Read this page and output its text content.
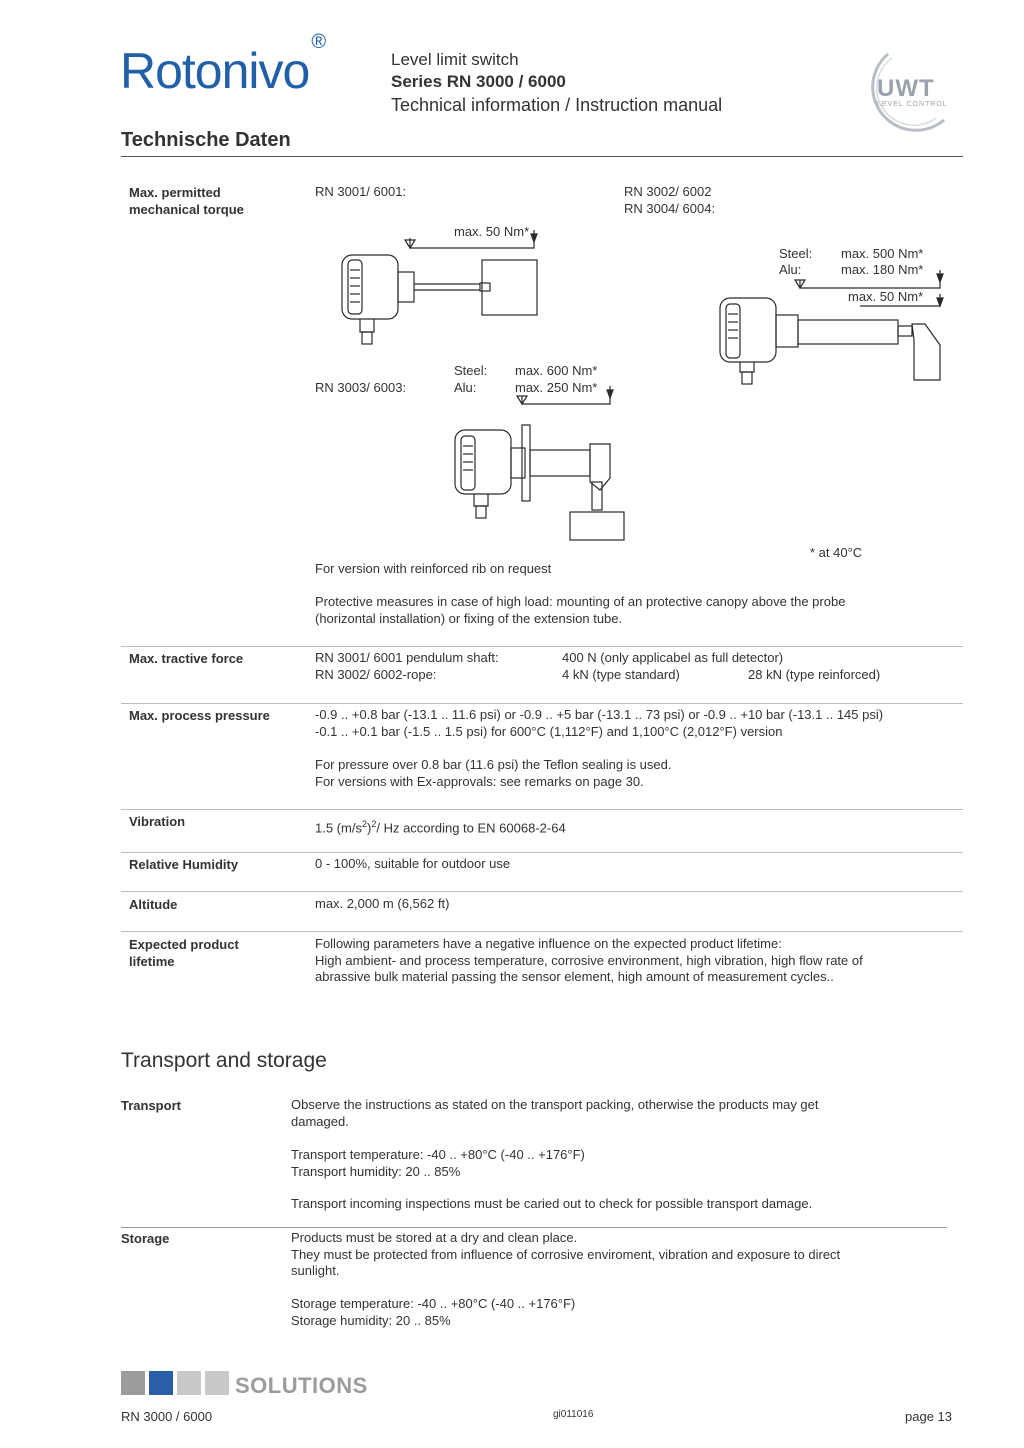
Rotonivo®
Level limit switch
Series RN 3000 / 6000
Technical information / Instruction manual
UWT
LEVEL CONTROL
Technische Daten
Max. permitted
mechanical torque
RN 3001/ 6001:	RN 3002/ 6002
RN 3004/ 6004:
max. 50 Nm*
Steel: max. 500 Nm*
Alu:	max. 180 Nm*
max. 50 Nm*
Steel: max. 600 Nm*
RN 3003/ 6003:	Alu:	max. 250 Nm*
* at 40°C
For version with reinforced rib on request
Protective measures in case of high load: mounting of an protective canopy above the probe
(horizontal installation) or fixing of the extension tube.
Max. tractive force	RN 3001/ 6001 pendulum shaft:	400 N (only applicabel as full detector)
RN 3002/ 6002-rope:	4 kN (type standard)	28 kN (type reinforced)
Max. process pressure	-0.9 .. +0.8 bar (-13.1 .. 11.6 psi) or -0.9 .. +5 bar (-13.1 .. 73 psi) or -0.9 .. +10 bar (-13.1 .. 145 psi)
-0.1 .. +0.1 bar (-1.5 .. 1.5 psi) for 600°C (1,112°F) and 1,100°C (2,012°F) version
For pressure over 0.8 bar (11.6 psi) the Teflon sealing is used.
For versions with Ex-approvals: see remarks on page 30.
Vibration	1.5 $(m/s^2)^2/$ Hz according to EN 60068-2-64
Relative Humidity	0 - 100%, suitable for outdoor use
Altitude	max. 2,000 m (6,562 ft)
Expected product
lifetime
Following parameters have a negative influence on the expected product lifetime:
High ambient- and process temperature, corrosive environment, high vibration, high flow rate of
abrassive bulk material passing the sensor element, high amount of measurement cycles..
Transport and storage
Transport	Observe the instructions as stated on the transport packing, otherwise the products may get
damaged.
Transport temperature: -40 .. +80°C (-40 .. +176°F)
Transport humidity: 20 .. 85%
Transport incoming inspections must be caried out to check for possible transport damage.
Storage	Products must be stored at a dry and clean place.
They must be protected from influence of corrosive enviroment, vibration and exposure to direct
sunlight.
Storage temperature: -40 .. +80°C (-40 .. +176°F)
Storage humidity: 20 .. 85%
SOLUTIONS
RN 3000 / 6000	gi011016	page 13
